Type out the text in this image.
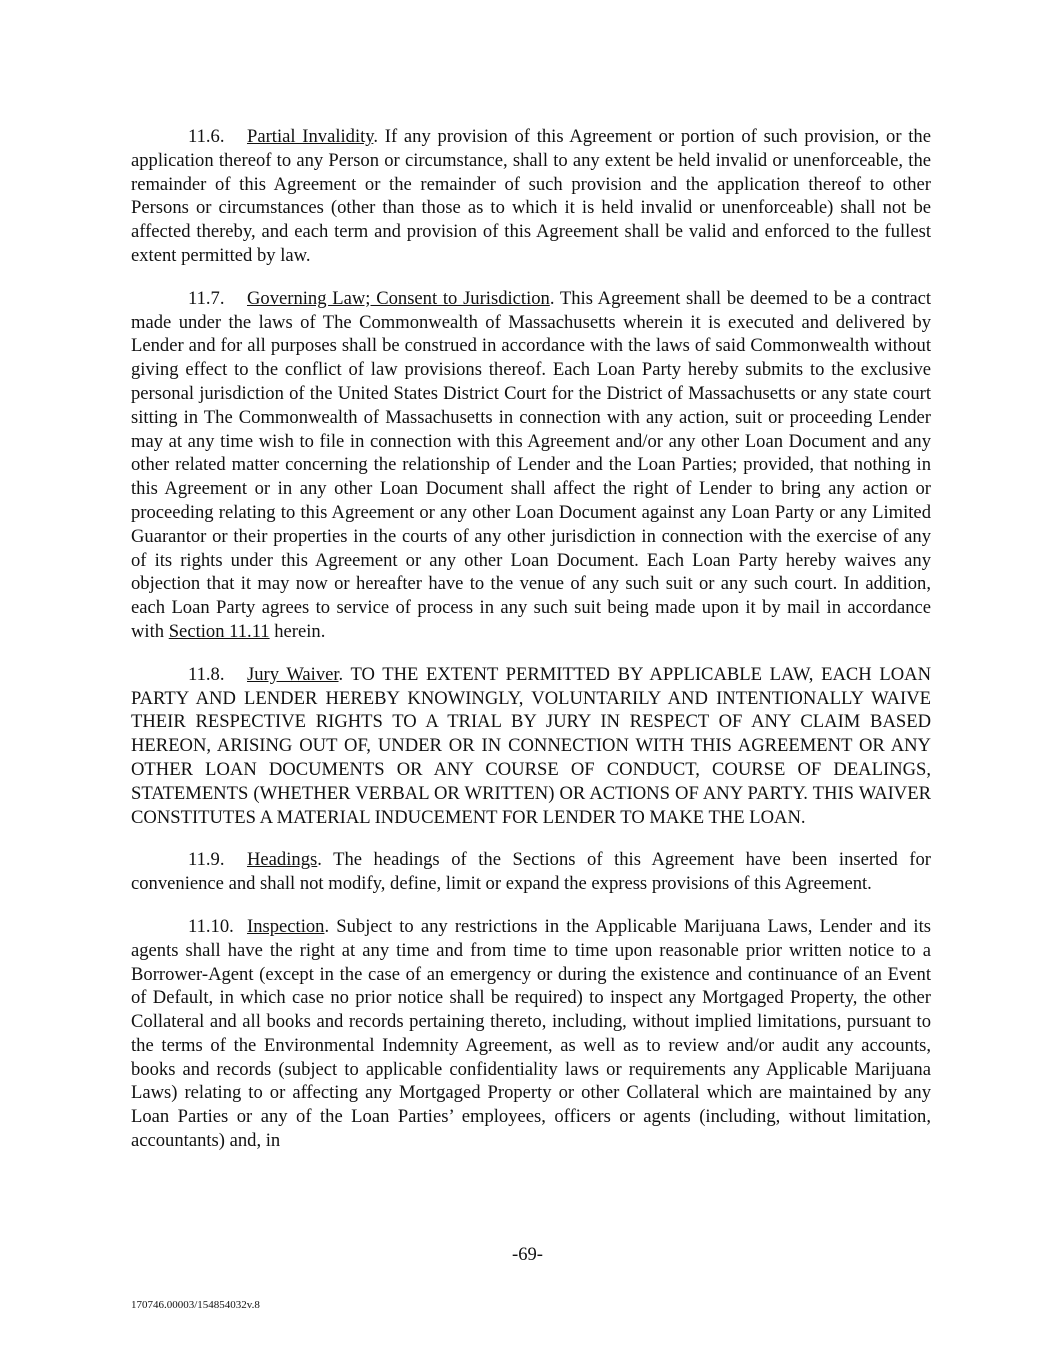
11.6. Partial Invalidity. If any provision of this Agreement or portion of such provision, or the application thereof to any Person or circumstance, shall to any extent be held invalid or unenforceable, the remainder of this Agreement or the remainder of such provision and the application thereof to other Persons or circumstances (other than those as to which it is held invalid or unenforceable) shall not be affected thereby, and each term and provision of this Agreement shall be valid and enforced to the fullest extent permitted by law.

11.7. Governing Law; Consent to Jurisdiction. This Agreement shall be deemed to be a contract made under the laws of The Commonwealth of Massachusetts wherein it is executed and delivered by Lender and for all purposes shall be construed in accordance with the laws of said Commonwealth without giving effect to the conflict of law provisions thereof. Each Loan Party hereby submits to the exclusive personal jurisdiction of the United States District Court for the District of Massachusetts or any state court sitting in The Commonwealth of Massachusetts in connection with any action, suit or proceeding Lender may at any time wish to file in connection with this Agreement and/or any other Loan Document and any other related matter concerning the relationship of Lender and the Loan Parties; provided, that nothing in this Agreement or in any other Loan Document shall affect the right of Lender to bring any action or proceeding relating to this Agreement or any other Loan Document against any Loan Party or any Limited Guarantor or their properties in the courts of any other jurisdiction in connection with the exercise of any of its rights under this Agreement or any other Loan Document. Each Loan Party hereby waives any objection that it may now or hereafter have to the venue of any such suit or any such court. In addition, each Loan Party agrees to service of process in any such suit being made upon it by mail in accordance with Section 11.11 herein.

11.8. Jury Waiver. TO THE EXTENT PERMITTED BY APPLICABLE LAW, EACH LOAN PARTY AND LENDER HEREBY KNOWINGLY, VOLUNTARILY AND INTENTIONALLY WAIVE THEIR RESPECTIVE RIGHTS TO A TRIAL BY JURY IN RESPECT OF ANY CLAIM BASED HEREON, ARISING OUT OF, UNDER OR IN CONNECTION WITH THIS AGREEMENT OR ANY OTHER LOAN DOCUMENTS OR ANY COURSE OF CONDUCT, COURSE OF DEALINGS, STATEMENTS (WHETHER VERBAL OR WRITTEN) OR ACTIONS OF ANY PARTY. THIS WAIVER CONSTITUTES A MATERIAL INDUCEMENT FOR LENDER TO MAKE THE LOAN.

11.9. Headings. The headings of the Sections of this Agreement have been inserted for convenience and shall not modify, define, limit or expand the express provisions of this Agreement.

11.10. Inspection. Subject to any restrictions in the Applicable Marijuana Laws, Lender and its agents shall have the right at any time and from time to time upon reasonable prior written notice to a Borrower-Agent (except in the case of an emergency or during the existence and continuance of an Event of Default, in which case no prior notice shall be required) to inspect any Mortgaged Property, the other Collateral and all books and records pertaining thereto, including, without implied limitations, pursuant to the terms of the Environmental Indemnity Agreement, as well as to review and/or audit any accounts, books and records (subject to applicable confidentiality laws or requirements any Applicable Marijuana Laws) relating to or affecting any Mortgaged Property or other Collateral which are maintained by any Loan Parties or any of the Loan Parties’ employees, officers or agents (including, without limitation, accountants) and, in

-69-
170746.00003/154854032v.8
